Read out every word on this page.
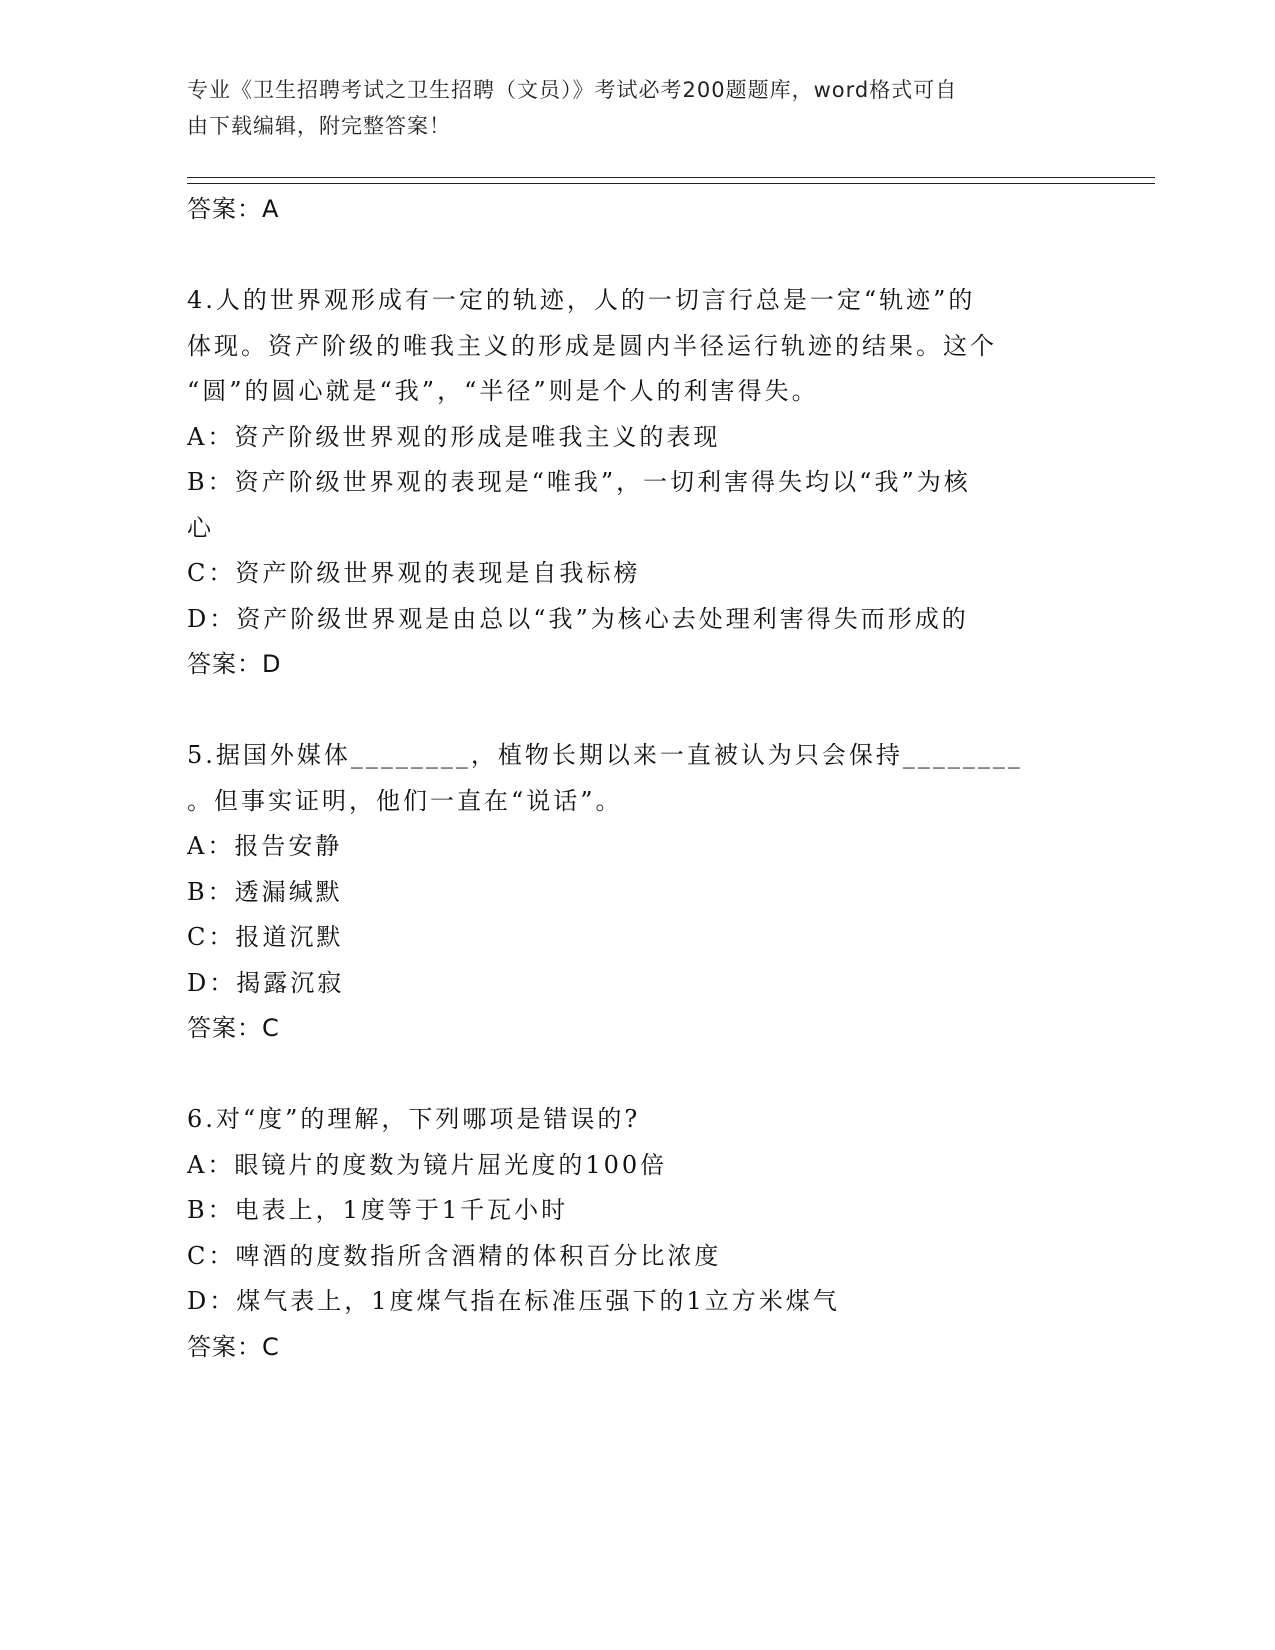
专业《卫生招聘考试之卫生招聘（文员）》考试必考200题题库，word格式可自
由下载编辑，附完整答案！
答案：A
4.人的世界观形成有一定的轨迹，人的一切言行总是一定“轨迹”的
体现。资产阶级的唯我主义的形成是圆内半径运行轨迹的结果。这个
“圆”的圆心就是“我”，“半径”则是个人的利害得失。
A：资产阶级世界观的形成是唯我主义的表现
B：资产阶级世界观的表现是“唯我”，一切利害得失均以“我”为核
心
C：资产阶级世界观的表现是自我标榜
D：资产阶级世界观是由总以“我”为核心去处理利害得失而形成的
答案：D
5.据国外媒体________，植物长期以来一直被认为只会保持________
。但事实证明，他们一直在“说话”。
A：报告安静
B：透漏缄默
C：报道沉默
D：揭露沉寂
答案：C
6.对“度”的理解，下列哪项是错误的?
A：眼镜片的度数为镜片屈光度的100倍
B：电表上，1度等于1千瓦小时
C：啤酒的度数指所含酒精的体积百分比浓度
D：煤气表上，1度煤气指在标准压强下的1立方米煤气
答案：C
